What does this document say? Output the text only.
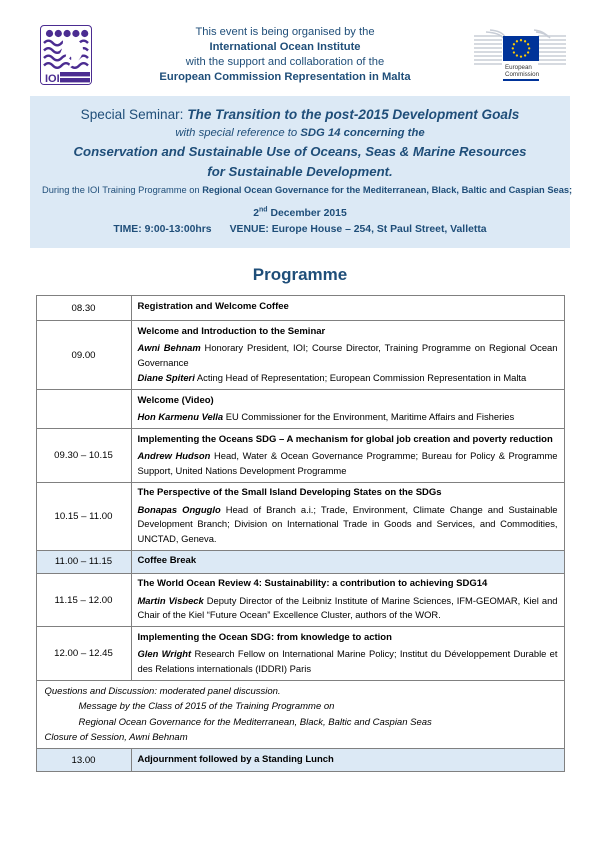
IOI
This event is being organised by the
International Ocean Institute
with the support and collaboration of the
European Commission Representation in Malta
European
Commission
Special Seminar: The Transition to the post-2015 Development Goals
with special reference to SDG 14 concerning the
Conservation and Sustainable Use of Oceans, Seas & Marine Resources
for Sustainable Development.
During the IOI Training Programme on Regional Ocean Governance for the Mediterranean, Black, Baltic and Caspian Seas;
2nd December 2015
TIME: 9:00-13:00hrs VENUE: Europe House – 254, St Paul Street, Valletta
Programme
08.30	Registration and Welcome Coffee

09.00	Welcome and Introduction to the Seminar
Awni Behnam Honorary President, IOI; Course Director, Training Programme on Regional Ocean Governance
Diane Spiteri Acting Head of Representation; European Commission Representation in Malta

	Welcome (Video)
Hon Karmenu Vella EU Commissioner for the Environment, Maritime Affairs and Fisheries

09.30 – 10.15	Implementing the Oceans SDG – A mechanism for global job creation and poverty reduction
Andrew Hudson Head, Water & Ocean Governance Programme; Bureau for Policy & Programme Support, United Nations Development Programme

10.15 – 11.00	The Perspective of the Small Island Developing States on the SDGs
Bonapas Onguglo Head of Branch a.i.; Trade, Environment, Climate Change and Sustainable Development Branch; Division on International Trade in Goods and Services, and Commodities, UNCTAD, Geneva.

11.00 – 11.15	Coffee Break

11.15 – 12.00	The World Ocean Review 4: Sustainability: a contribution to achieving SDG14
Martin Visbeck Deputy Director of the Leibniz Institute of Marine Sciences, IFM-GEOMAR, Kiel and Chair of the Kiel “Future Ocean” Excellence Cluster, authors of the WOR.

12.00 – 12.45	Implementing the Ocean SDG: from knowledge to action
Glen Wright Research Fellow on International Marine Policy; Institut du Développement Durable et des Relations internationals (IDDRI) Paris

Questions and Discussion: moderated panel discussion.
Message by the Class of 2015 of the Training Programme on
Regional Ocean Governance for the Mediterranean, Black, Baltic and Caspian Seas
Closure of Session, Awni Behnam	

13.00	Adjournment followed by a Standing Lunch
